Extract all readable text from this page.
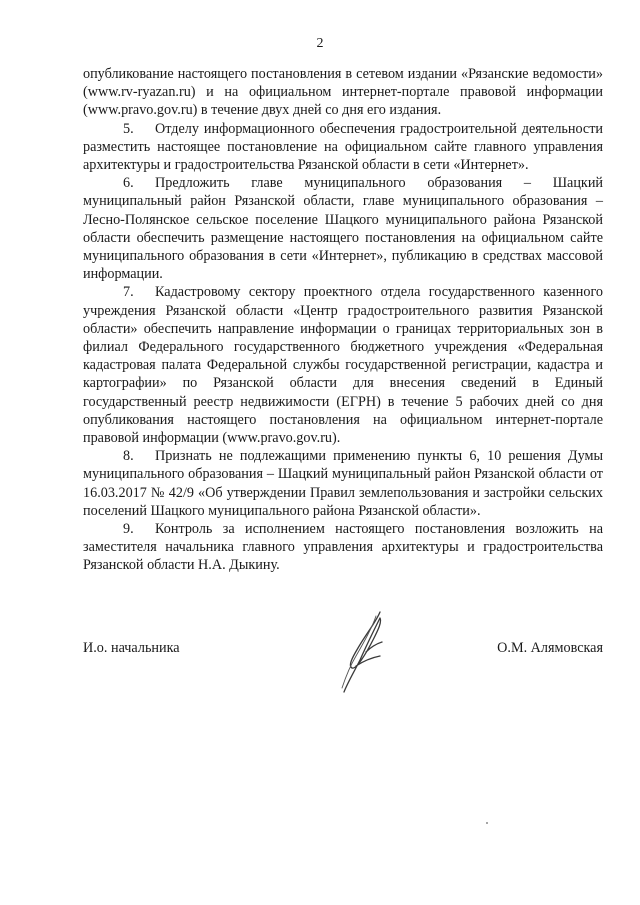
2

опубликование настоящего постановления в сетевом издании «Рязанские ведомости» (www.rv-ryazan.ru) и на официальном интернет-портале правовой информации (www.pravo.gov.ru) в течение двух дней со дня его издания.

5. Отделу информационного обеспечения градостроительной деятельности разместить настоящее постановление на официальном сайте главного управления архитектуры и градостроительства Рязанской области в сети «Интернет».

6. Предложить главе муниципального образования – Шацкий муниципальный район Рязанской области, главе муниципального образования – Лесно-Полянское сельское поселение Шацкого муниципального района Рязанской области обеспечить размещение настоящего постановления на официальном сайте муниципального образования в сети «Интернет», публикацию в средствах массовой информации.

7. Кадастровому сектору проектного отдела государственного казенного учреждения Рязанской области «Центр градостроительного развития Рязанской области» обеспечить направление информации о границах территориальных зон в филиал Федерального государственного бюджетного учреждения «Федеральная кадастровая палата Федеральной службы государственной регистрации, кадастра и картографии» по Рязанской области для внесения сведений в Единый государственный реестр недвижимости (ЕГРН) в течение 5 рабочих дней со дня опубликования настоящего постановления на официальном интернет-портале правовой информации (www.pravo.gov.ru).

8. Признать не подлежащими применению пункты 6, 10 решения Думы муниципального образования – Шацкий муниципальный район Рязанской области от 16.03.2017 № 42/9 «Об утверждении Правил землепользования и застройки сельских поселений Шацкого муниципального района Рязанской области».

9. Контроль за исполнением настоящего постановления возложить на заместителя начальника главного управления архитектуры и градостроительства Рязанской области Н.А. Дыкину.

И.о. начальника	О.М. Алямовская
